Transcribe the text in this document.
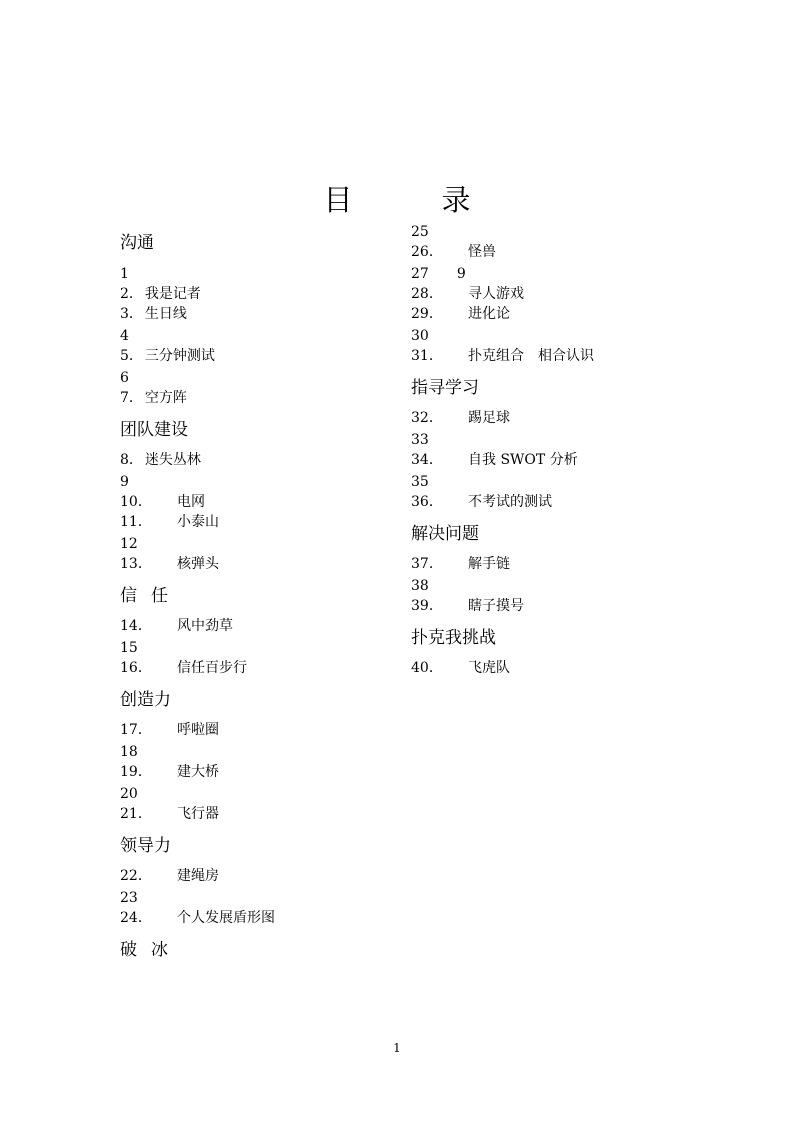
目　录
沟通
1
2． 我是记者
3． 生日线
4
5． 三分钟测试
6
7． 空方阵
团队建设
8． 迷失丛林
9
10． 电网
11． 小泰山
12
13． 核弹头
信任
14． 风中劲草
15
16． 信任百步行
创造力
17． 呼啦圈
18
19． 建大桥
20
21． 飞行器
领导力
22． 建绳房
23
24． 个人发展盾形图
破冰
25
26． 怪兽
27　　9
28． 寻人游戏
29． 进化论
30
31． 扑克组合　相合认识
指寻学习
32． 踢足球
33
34． 自我 SWOT 分析
35
36． 不考试的测试
解决问题
37． 解手链
38
39． 瞎子摸号
扑克我挑战
40． 飞虎队
1
